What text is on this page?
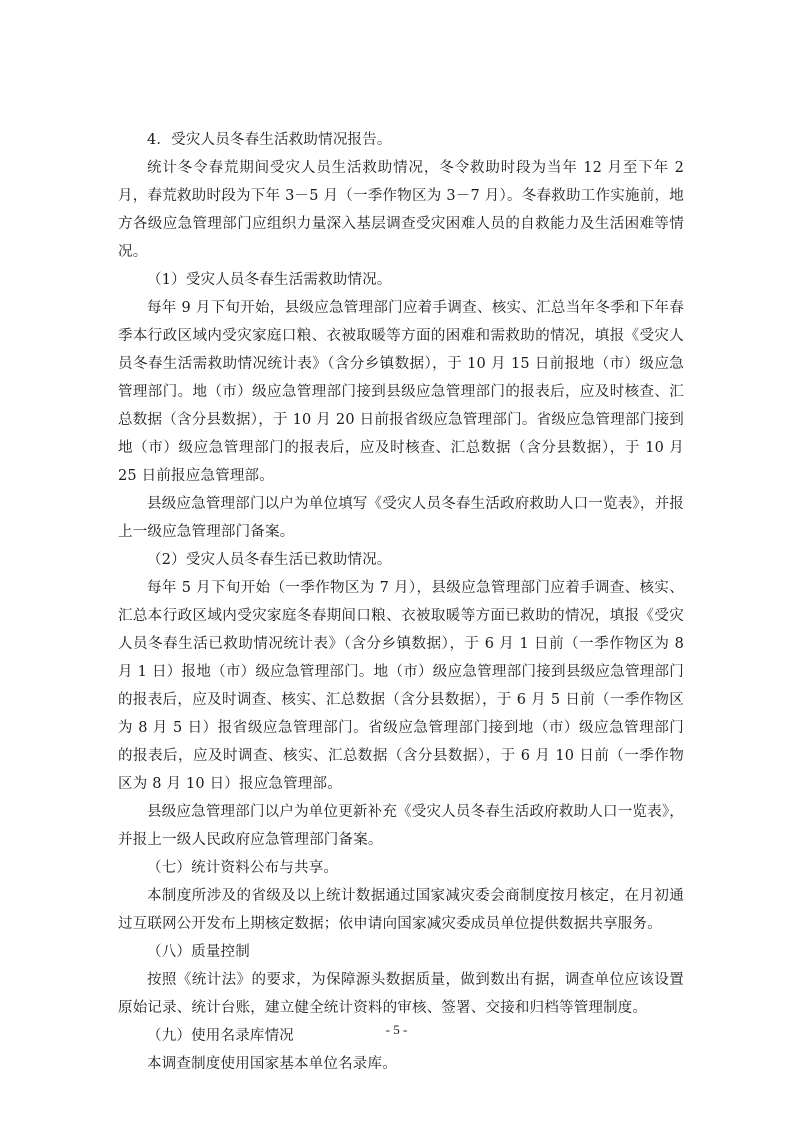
4．受灾人员冬春生活救助情况报告。

统计冬令春荒期间受灾人员生活救助情况，冬令救助时段为当年 12 月至下年 2 月，春荒救助时段为下年 3－5 月（一季作物区为 3－7 月）。冬春救助工作实施前，地方各级应急管理部门应组织力量深入基层调查受灾困难人员的自救能力及生活困难等情况。

（1）受灾人员冬春生活需救助情况。

每年 9 月下旬开始，县级应急管理部门应着手调查、核实、汇总当年冬季和下年春季本行政区域内受灾家庭口粮、衣被取暖等方面的困难和需救助的情况，填报《受灾人员冬春生活需救助情况统计表》（含分乡镇数据），于 10 月 15 日前报地（市）级应急管理部门。地（市）级应急管理部门接到县级应急管理部门的报表后，应及时核查、汇总数据（含分县数据），于 10 月 20 日前报省级应急管理部门。省级应急管理部门接到地（市）级应急管理部门的报表后，应及时核查、汇总数据（含分县数据），于 10 月 25 日前报应急管理部。

县级应急管理部门以户为单位填写《受灾人员冬春生活政府救助人口一览表》，并报上一级应急管理部门备案。

（2）受灾人员冬春生活已救助情况。

每年 5 月下旬开始（一季作物区为 7 月），县级应急管理部门应着手调查、核实、汇总本行政区域内受灾家庭冬春期间口粮、衣被取暖等方面已救助的情况，填报《受灾人员冬春生活已救助情况统计表》（含分乡镇数据），于 6 月 1 日前（一季作物区为 8 月 1 日）报地（市）级应急管理部门。地（市）级应急管理部门接到县级应急管理部门的报表后，应及时调查、核实、汇总数据（含分县数据），于 6 月 5 日前（一季作物区为 8 月 5 日）报省级应急管理部门。省级应急管理部门接到地（市）级应急管理部门的报表后，应及时调查、核实、汇总数据（含分县数据），于 6 月 10 日前（一季作物区为 8 月 10 日）报应急管理部。

县级应急管理部门以户为单位更新补充《受灾人员冬春生活政府救助人口一览表》，并报上一级人民政府应急管理部门备案。

（七）统计资料公布与共享。

本制度所涉及的省级及以上统计数据通过国家减灾委会商制度按月核定，在月初通过互联网公开发布上期核定数据；依申请向国家减灾委成员单位提供数据共享服务。

（八）质量控制

按照《统计法》的要求，为保障源头数据质量，做到数出有据，调查单位应该设置原始记录、统计台账，建立健全统计资料的审核、签署、交接和归档等管理制度。

（九）使用名录库情况

本调查制度使用国家基本单位名录库。

- 5 -
